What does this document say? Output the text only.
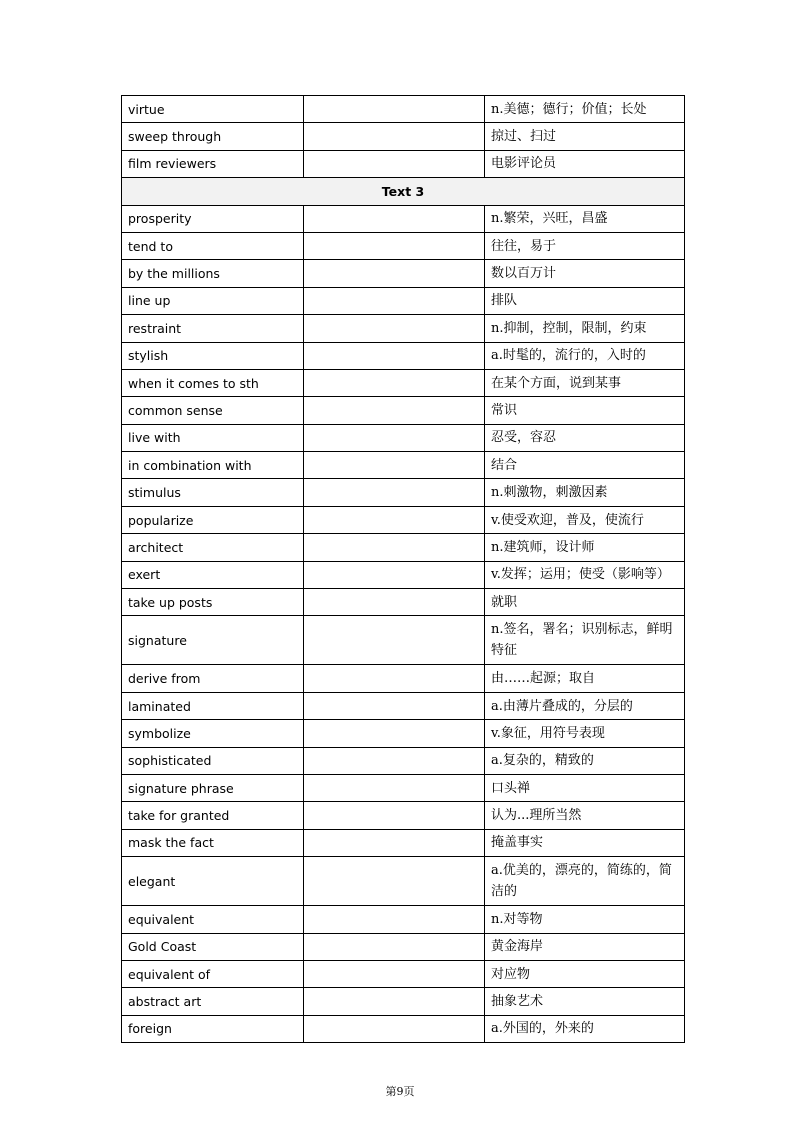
virtue		n.美德；德行；价值；长处
sweep through		掠过、扫过
film reviewers		电影评论员
Text 3		
prosperity		n.繁荣，兴旺，昌盛
tend to		往往，易于
by the millions		数以百万计
line up		排队
restraint		n.抑制，控制，限制，约束
stylish		a.时髦的，流行的，入时的
when it comes to sth		在某个方面，说到某事
common sense		常识
live with		忍受，容忍
in combination with		结合
stimulus		n.刺激物，刺激因素
popularize		v.使受欢迎，普及，使流行
architect		n.建筑师，设计师
exert		v.发挥；运用；使受（影响等）
take up posts		就职
signature		n.签名，署名；识别标志，鲜明特征
derive from		由……起源；取自
laminated		a.由薄片叠成的，分层的
symbolize		v.象征，用符号表现
sophisticated		a.复杂的，精致的
signature phrase		口头禅
take for granted		认为...理所当然
mask the fact		掩盖事实
elegant		a.优美的，漂亮的，简练的，简洁的
equivalent		n.对等物
Gold Coast		黄金海岸
equivalent of		对应物
abstract art		抽象艺术
foreign		a.外国的，外来的
第9页
